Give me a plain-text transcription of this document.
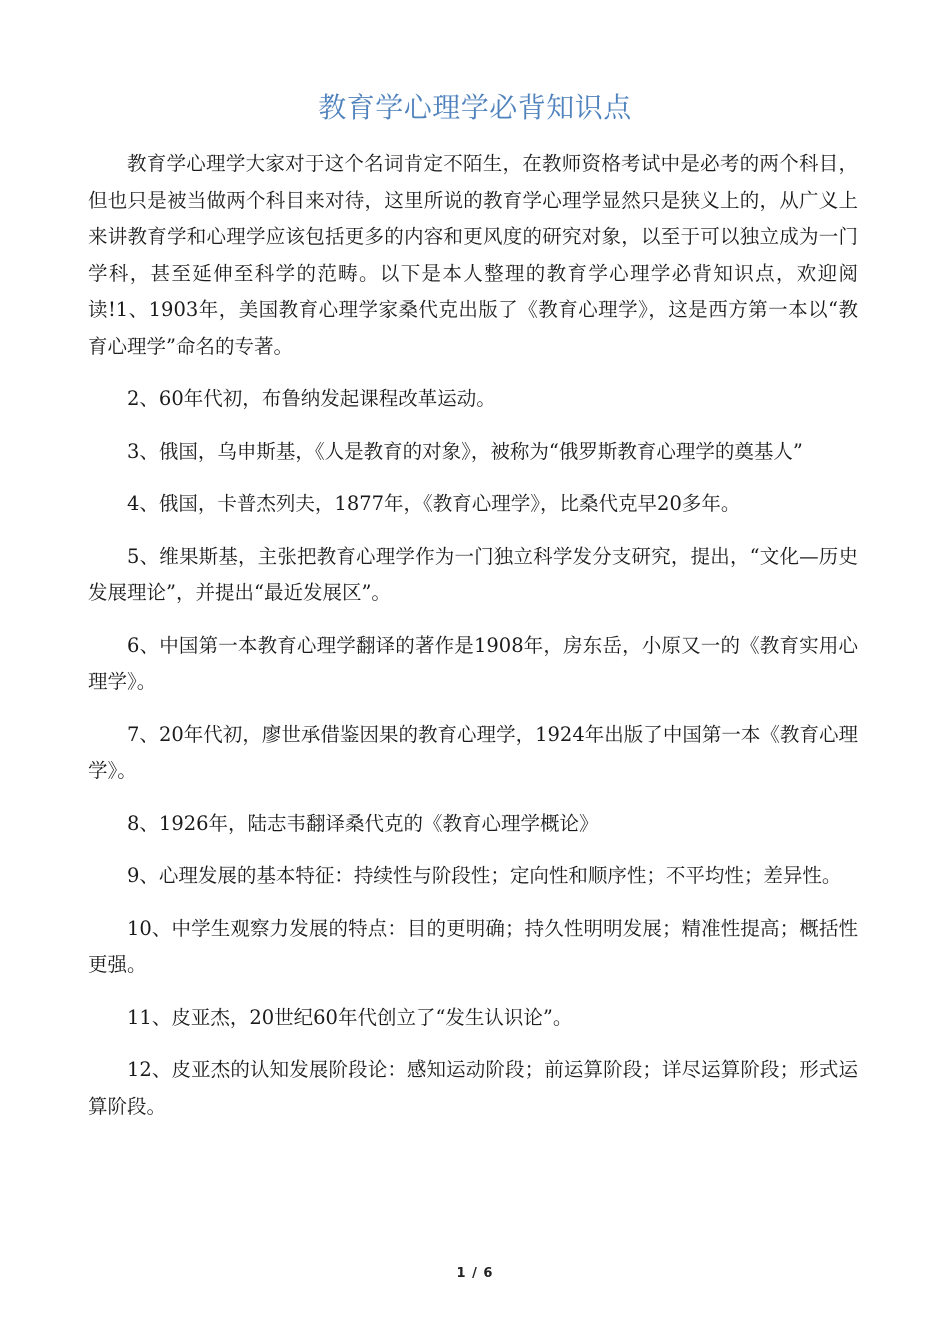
教育学心理学必背知识点

教育学心理学大家对于这个名词肯定不陌生，在教师资格考试中是必考的两个科目，但也只是被当做两个科目来对待，这里所说的教育学心理学显然只是狭义上的，从广义上来讲教育学和心理学应该包括更多的内容和更风度的研究对象，以至于可以独立成为一门学科，甚至延伸至科学的范畴。以下是本人整理的教育学心理学必背知识点，欢迎阅读!1、1903年，美国教育心理学家桑代克出版了《教育心理学》，这是西方第一本以“教育心理学”命名的专著。

2、60年代初，布鲁纳发起课程改革运动。

3、俄国，乌申斯基，《人是教育的对象》，被称为“俄罗斯教育心理学的奠基人”

4、俄国，卡普杰列夫，1877年，《教育心理学》，比桑代克早20多年。

5、维果斯基，主张把教育心理学作为一门独立科学发分支研究，提出，“文化—历史发展理论”，并提出“最近发展区”。

6、中国第一本教育心理学翻译的著作是1908年，房东岳，小原又一的《教育实用心理学》。

7、20年代初，廖世承借鉴因果的教育心理学，1924年出版了中国第一本《教育心理学》。

8、1926年，陆志韦翻译桑代克的《教育心理学概论》

9、心理发展的基本特征：持续性与阶段性；定向性和顺序性；不平均性；差异性。

10、中学生观察力发展的特点：目的更明确；持久性明明发展；精准性提高；概括性更强。

11、皮亚杰，20世纪60年代创立了“发生认识论”。

12、皮亚杰的认知发展阶段论：感知运动阶段；前运算阶段；详尽运算阶段；形式运算阶段。

1 / 6
